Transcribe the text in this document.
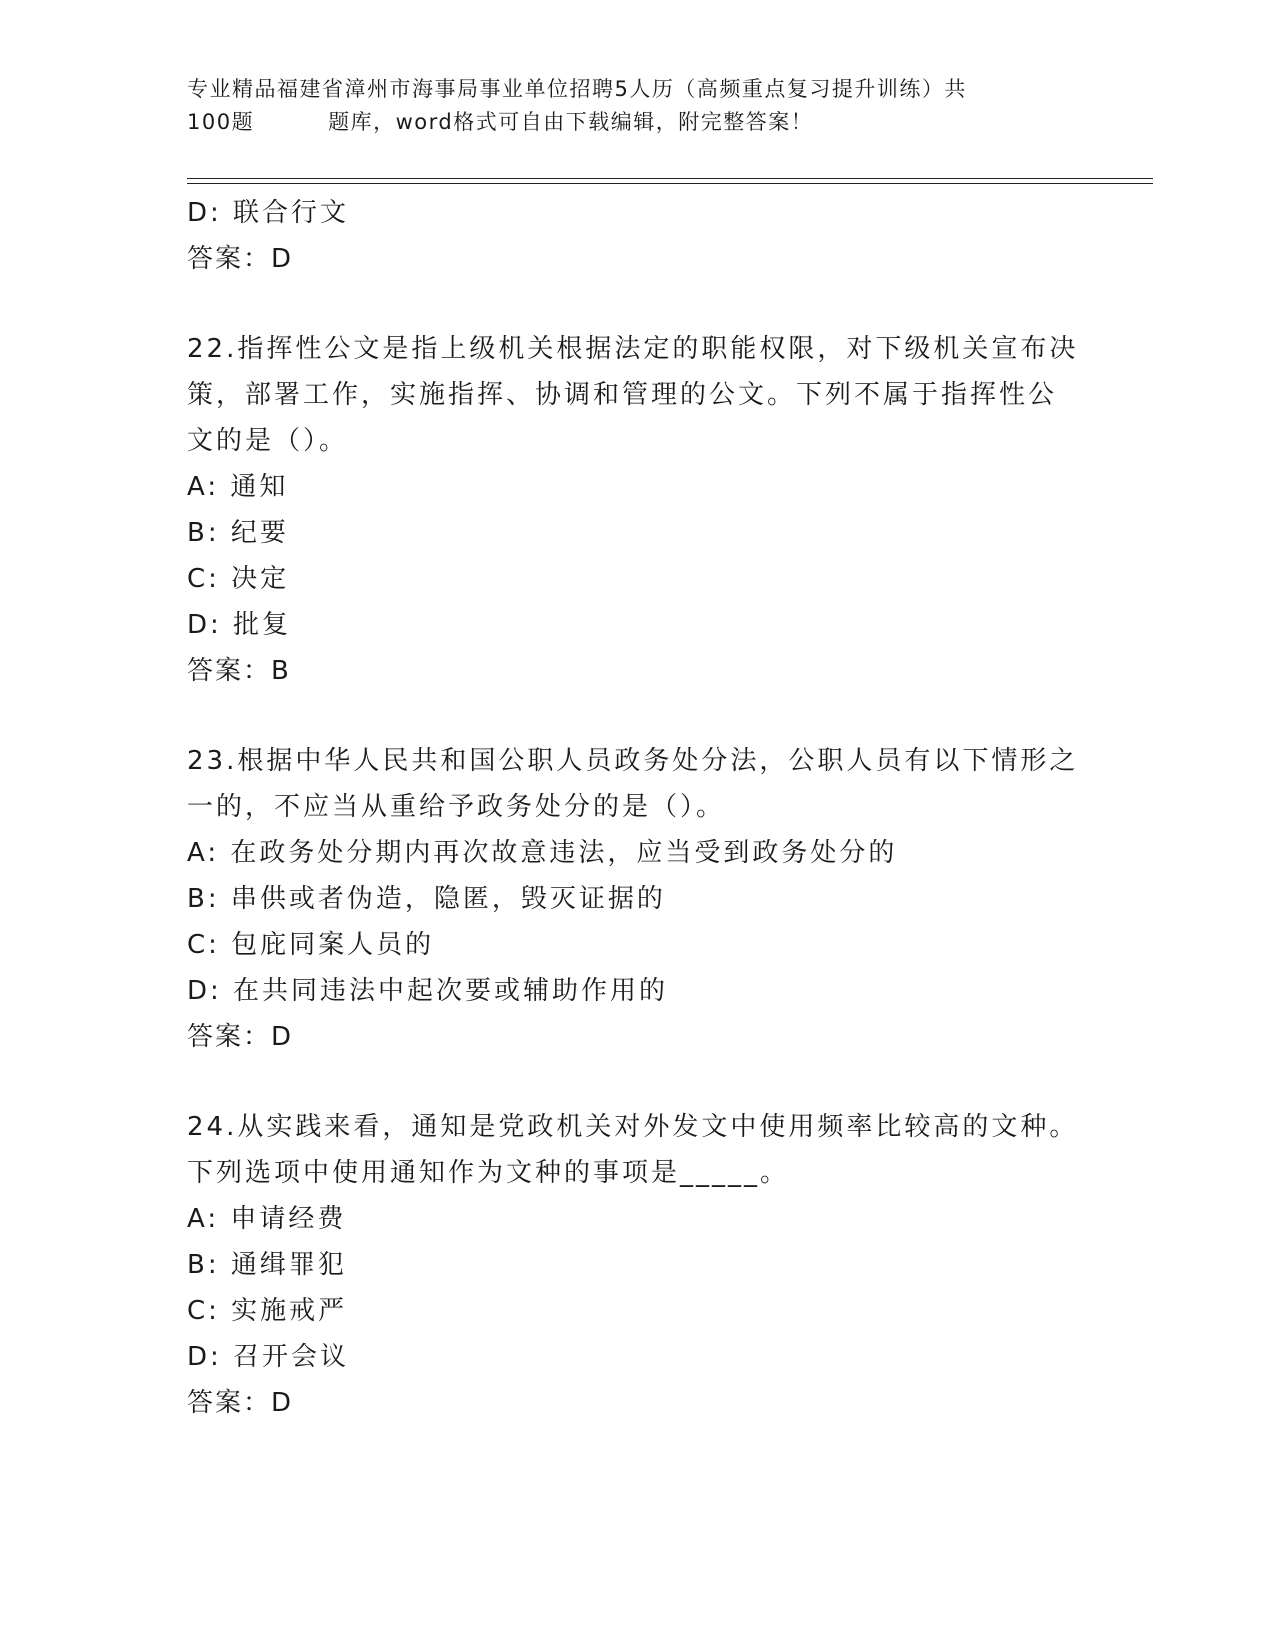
专业精品福建省漳州市海事局事业单位招聘5人历（高频重点复习提升训练）共
100题	题库，word格式可自由下载编辑，附完整答案！
D: 联合行文
答案：D
22.指挥性公文是指上级机关根据法定的职能权限，对下级机关宣布决
策，部署工作，实施指挥、协调和管理的公文。下列不属于指挥性公
文的是（）。
A: 通知
B: 纪要
C: 决定
D: 批复
答案：B
23.根据中华人民共和国公职人员政务处分法，公职人员有以下情形之
一的，不应当从重给予政务处分的是（）。
A: 在政务处分期内再次故意违法，应当受到政务处分的
B: 串供或者伪造，隐匿，毁灭证据的
C: 包庇同案人员的
D: 在共同违法中起次要或辅助作用的
答案：D
24.从实践来看，通知是党政机关对外发文中使用频率比较高的文种。
下列选项中使用通知作为文种的事项是_____。
A: 申请经费
B: 通缉罪犯
C: 实施戒严
D: 召开会议
答案：D
